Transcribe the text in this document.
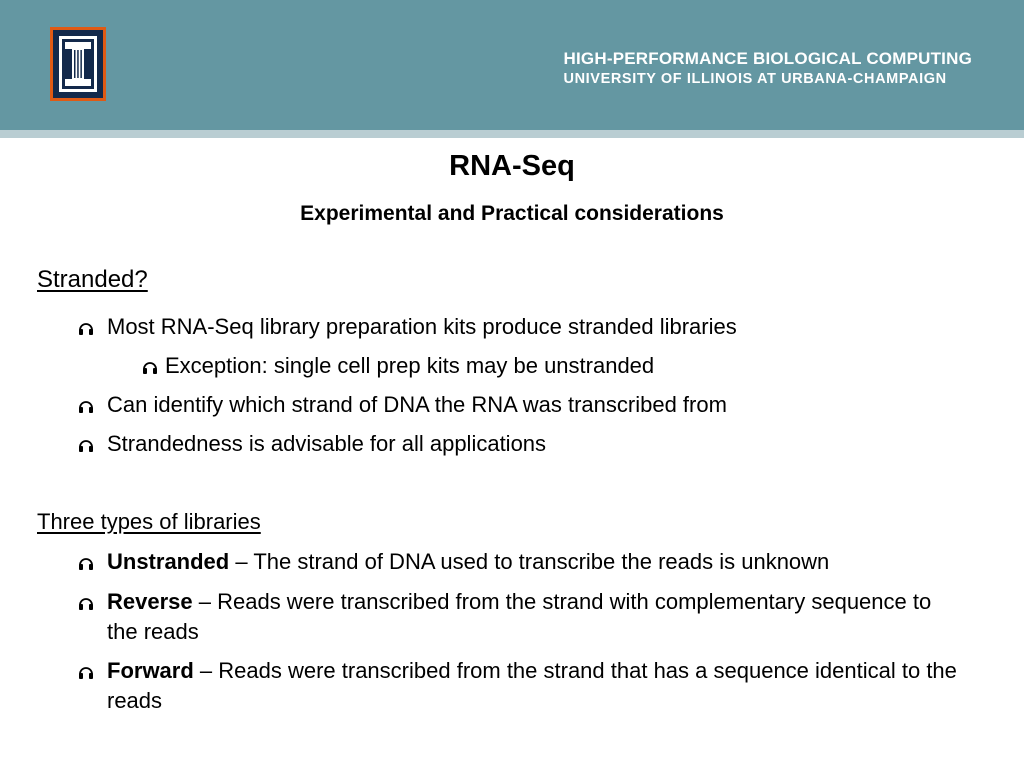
HIGH-PERFORMANCE BIOLOGICAL COMPUTING
UNIVERSITY OF ILLINOIS AT URBANA-CHAMPAIGN
RNA-Seq
Experimental and Practical considerations
Stranded?
Most RNA-Seq library preparation kits produce stranded libraries
Exception: single cell prep kits may be unstranded
Can identify which strand of DNA the RNA was transcribed from
Strandedness is advisable for all applications
Three types of libraries
Unstranded – The strand of DNA used to transcribe the reads is unknown
Reverse – Reads were transcribed from the strand with complementary sequence to the reads
Forward – Reads were transcribed from the strand that has a sequence identical to the reads
